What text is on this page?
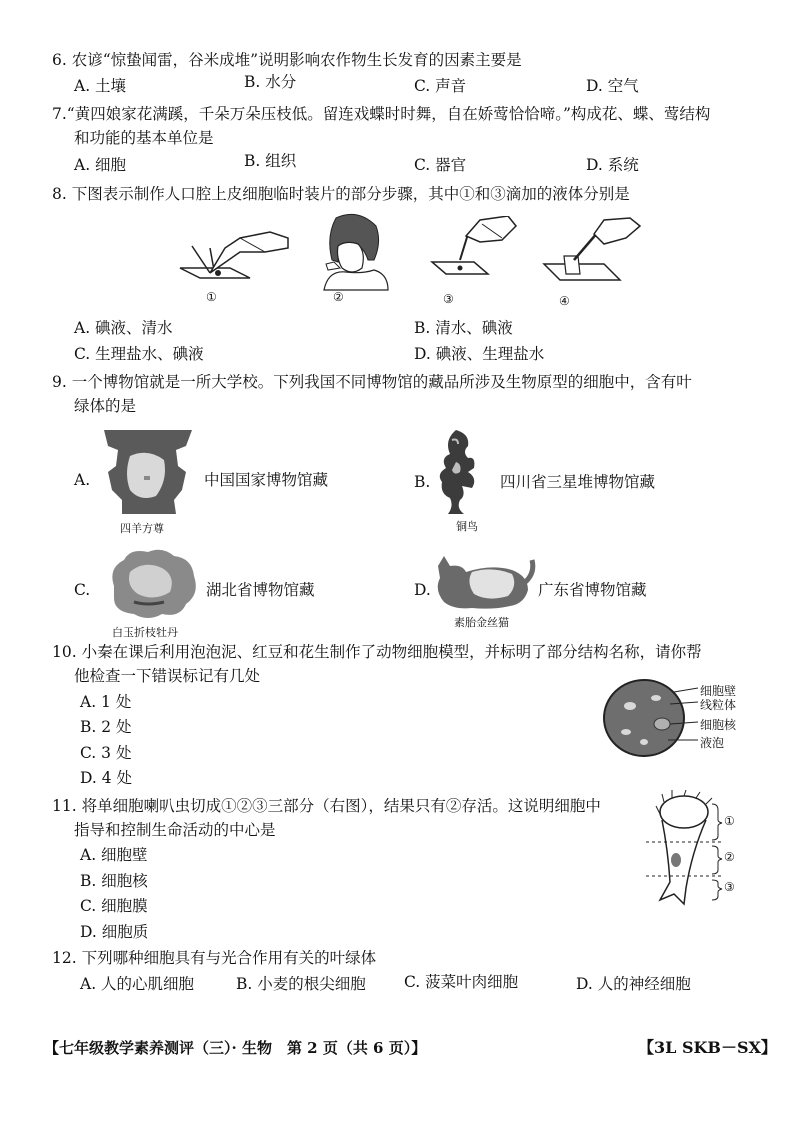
6. 农谚“惊蛰闻雷，谷米成堆”说明影响农作物生长发育的因素主要是
A. 土壤	B. 水分	C. 声音	D. 空气
7.“黄四娘家花满蹊，千朵万朵压枝低。留连戏蝶时时舞，自在娇莺恰恰啼。”构成花、蝶、莺结构
和功能的基本单位是
A. 细胞	B. 组织	C. 器官	D. 系统
8. 下图表示制作人口腔上皮细胞临时装片的部分步骤，其中①和③滴加的液体分别是
①	②	③	④
A. 碘液、清水	B. 清水、碘液
C. 生理盐水、碘液	D. 碘液、生理盐水
9. 一个博物馆就是一所大学校。下列我国不同博物馆的藏品所涉及生物原型的细胞中，含有叶
绿体的是
A.
四羊方尊
中国国家博物馆藏	B.
铜鸟
四川省三星堆博物馆藏
C.
白玉折枝牡丹
湖北省博物馆藏	D.
素胎金丝猫
广东省博物馆藏
10. 小秦在课后利用泡泡泥、红豆和花生制作了动物细胞模型，并标明了部分结构名称，请你帮
他检查一下错误标记有几处
A. 1 处
B. 2 处
C. 3 处
D. 4 处
细胞壁
线粒体
细胞核
液泡
11. 将单细胞喇叭虫切成①②③三部分（右图），结果只有②存活。这说明细胞中
指导和控制生命活动的中心是
A. 细胞壁
B. 细胞核
C. 细胞膜
D. 细胞质
①
②
③
12. 下列哪种细胞具有与光合作用有关的叶绿体
A. 人的心肌细胞	B. 小麦的根尖细胞 C. 菠菜叶肉细胞	D. 人的神经细胞
【七年级教学素养测评（三）· 生物　第 2 页（共 6 页）】	【3L SKB－SX】
